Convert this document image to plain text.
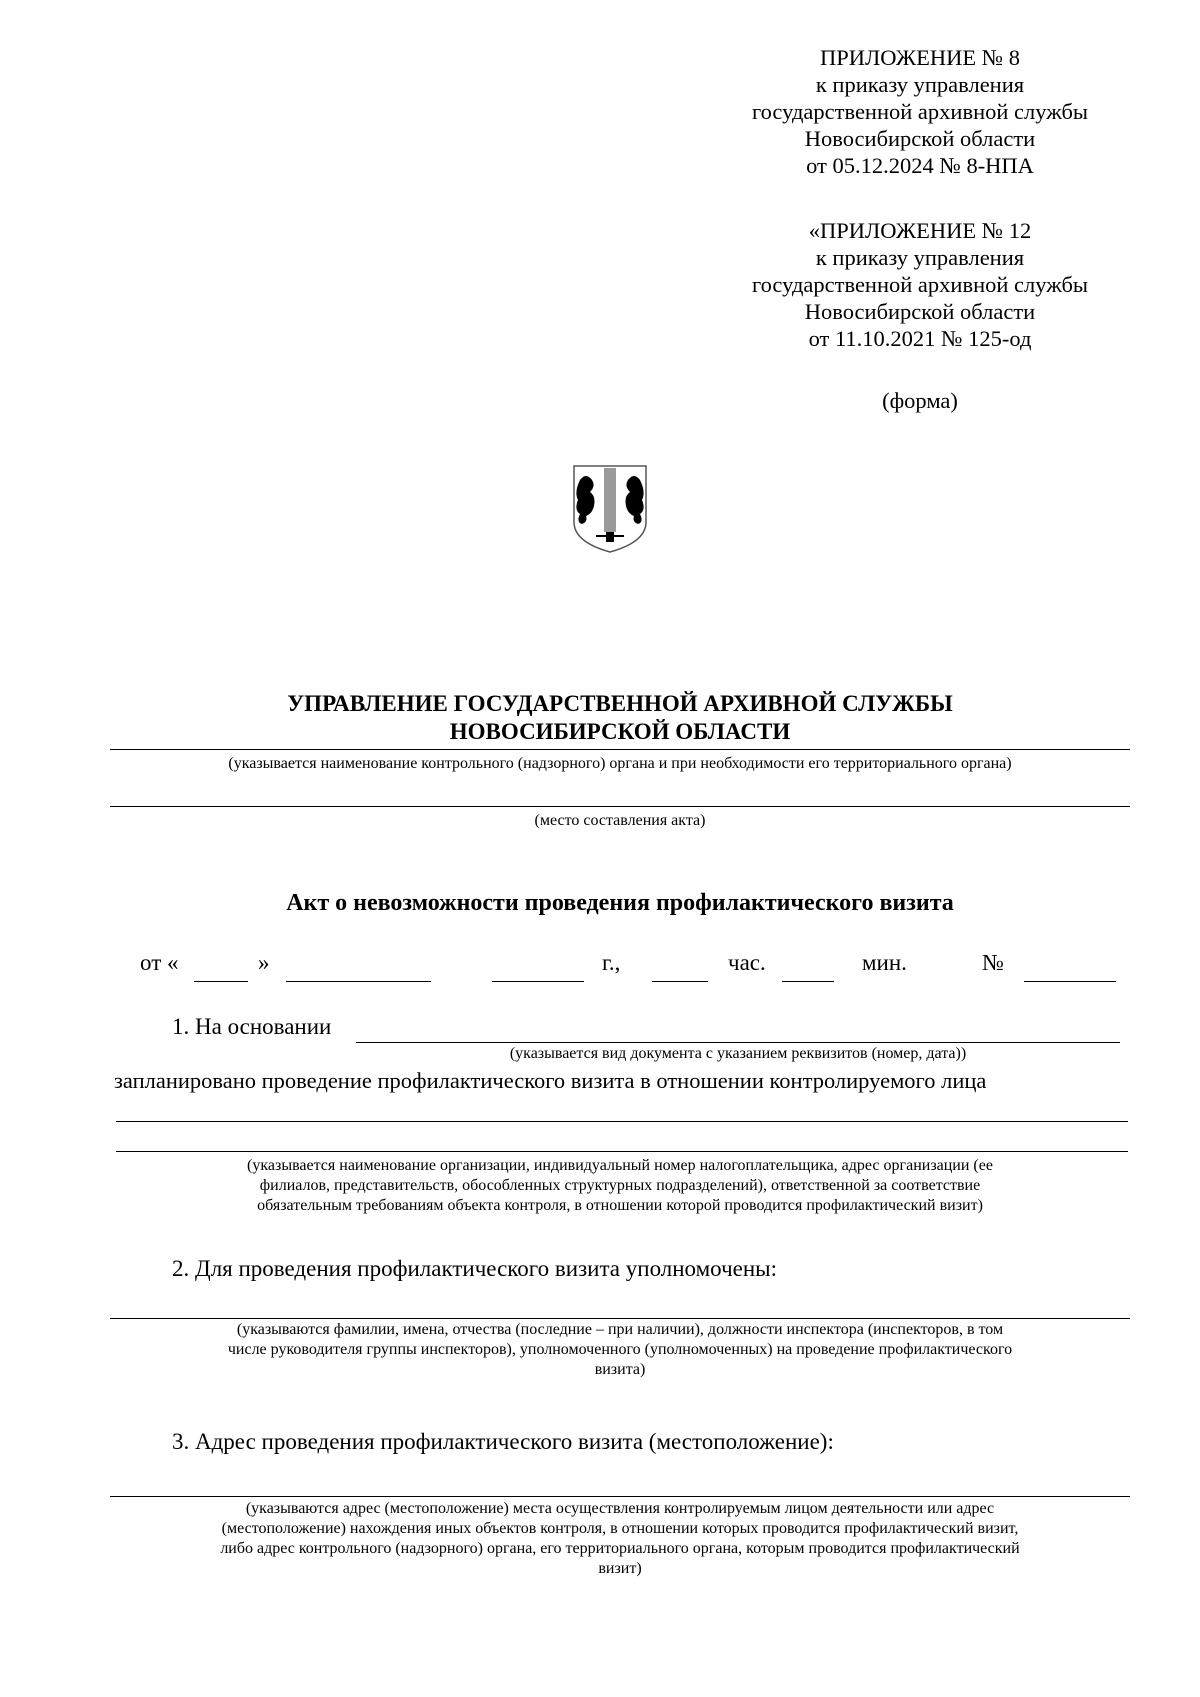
ПРИЛОЖЕНИЕ № 8
к приказу управления
государственной архивной службы
Новосибирской области
от 05.12.2024 № 8-НПА
«ПРИЛОЖЕНИЕ № 12
к приказу управления
государственной архивной службы
Новосибирской области
от 11.10.2021 № 125-од
(форма)
УПРАВЛЕНИЕ ГОСУДАРСТВЕННОЙ АРХИВНОЙ СЛУЖБЫ
НОВОСИБИРСКОЙ ОБЛАСТИ
(указывается наименование контрольного (надзорного) органа и при необходимости его территориального органа)
(место составления акта)
Акт о невозможности проведения профилактического визита
от «	»	г.,	час.	мин.	№
1. На основании
(указывается вид документа с указанием реквизитов (номер, дата))
запланировано проведение профилактического визита в отношении контролируемого лица
(указывается наименование организации, индивидуальный номер налогоплательщика, адрес организации (ее
филиалов, представительств, обособленных структурных подразделений), ответственной за соответствие
обязательным требованиям объекта контроля, в отношении которой проводится профилактический визит)
2. Для проведения профилактического визита уполномочены:
(указываются фамилии, имена, отчества (последние – при наличии), должности инспектора (инспекторов, в том
числе руководителя группы инспекторов), уполномоченного (уполномоченных) на проведение профилактического
визита)
3. Адрес проведения профилактического визита (местоположение):
(указываются адрес (местоположение) места осуществления контролируемым лицом деятельности или адрес
(местоположение) нахождения иных объектов контроля, в отношении которых проводится профилактический визит,
либо адрес контрольного (надзорного) органа, его территориального органа, которым проводится профилактический
визит)
